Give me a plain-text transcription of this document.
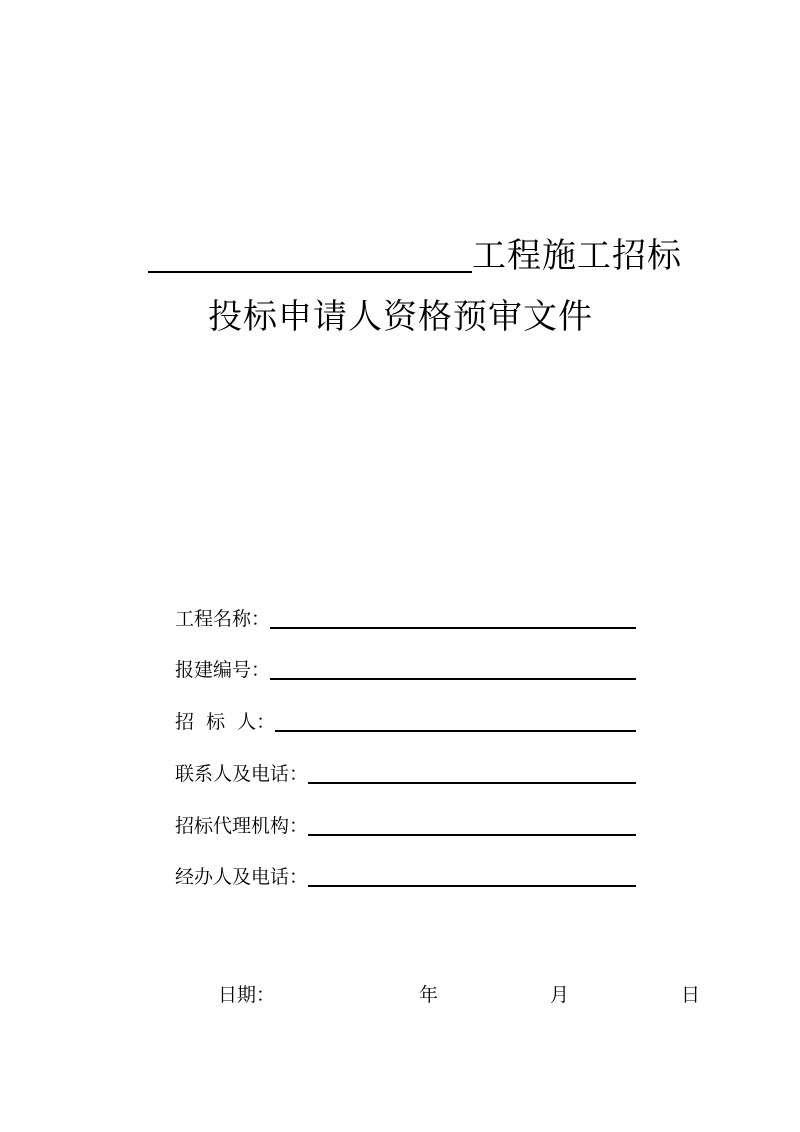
工程施工招标
投标申请人资格预审文件
工程名称：
报建编号：
招  标  人：
联系人及电话：
招标代理机构：
经办人及电话：
日期：	年	月	日
